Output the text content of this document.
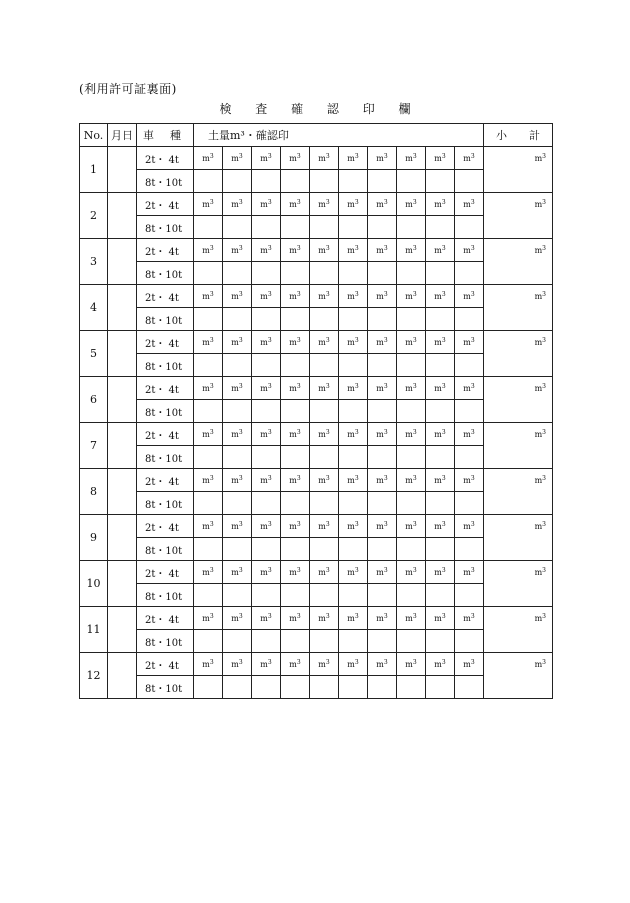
(利用許可証裏面)
検 査 確 認 印 欄
No.	月日	車 種	土量m³・確認印										小 計
1		2t・ 4t	$m^3$	$m^3$	$m^3$	$m^3$	$m^3$	$m^3$	$m^3$	$m^3$	$m^3$	$m^3$	$m^3$
		8t・10t											
2		2t・ 4t	$m^3$	$m^3$	$m^3$	$m^3$	$m^3$	$m^3$	$m^3$	$m^3$	$m^3$	$m^3$	$m^3$
		8t・10t											
3		2t・ 4t	$m^3$	$m^3$	$m^3$	$m^3$	$m^3$	$m^3$	$m^3$	$m^3$	$m^3$	$m^3$	$m^3$
		8t・10t											
4		2t・ 4t	$m^3$	$m^3$	$m^3$	$m^3$	$m^3$	$m^3$	$m^3$	$m^3$	$m^3$	$m^3$	$m^3$
		8t・10t											
5		2t・ 4t	$m^3$	$m^3$	$m^3$	$m^3$	$m^3$	$m^3$	$m^3$	$m^3$	$m^3$	$m^3$	$m^3$
		8t・10t											
6		2t・ 4t	$m^3$	$m^3$	$m^3$	$m^3$	$m^3$	$m^3$	$m^3$	$m^3$	$m^3$	$m^3$	$m^3$
		8t・10t											
7		2t・ 4t	$m^3$	$m^3$	$m^3$	$m^3$	$m^3$	$m^3$	$m^3$	$m^3$	$m^3$	$m^3$	$m^3$
		8t・10t											
8		2t・ 4t	$m^3$	$m^3$	$m^3$	$m^3$	$m^3$	$m^3$	$m^3$	$m^3$	$m^3$	$m^3$	$m^3$
		8t・10t											
9		2t・ 4t	$m^3$	$m^3$	$m^3$	$m^3$	$m^3$	$m^3$	$m^3$	$m^3$	$m^3$	$m^3$	$m^3$
		8t・10t											
10		2t・ 4t	$m^3$	$m^3$	$m^3$	$m^3$	$m^3$	$m^3$	$m^3$	$m^3$	$m^3$	$m^3$	$m^3$
		8t・10t											
11		2t・ 4t	$m^3$	$m^3$	$m^3$	$m^3$	$m^3$	$m^3$	$m^3$	$m^3$	$m^3$	$m^3$	$m^3$
		8t・10t											
12		2t・ 4t	$m^3$	$m^3$	$m^3$	$m^3$	$m^3$	$m^3$	$m^3$	$m^3$	$m^3$	$m^3$	$m^3$
		8t・10t											
